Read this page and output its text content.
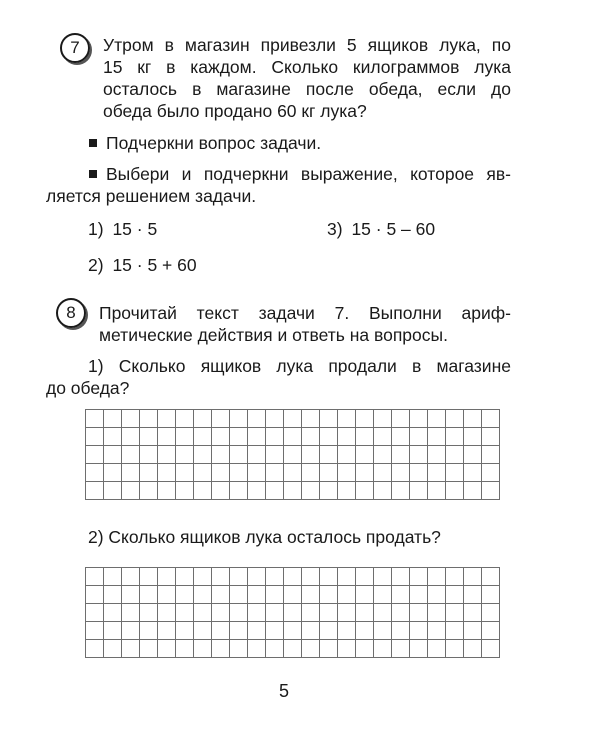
7 Утром в магазин привезли 5 ящиков лука, по
15 кг в каждом. Сколько килограммов лука
осталось в магазине после обеда, если до
обеда было продано 60 кг лука?
Подчеркни вопрос задачи.
Выбери и подчеркни выражение, которое яв-
ляется решением задачи.
1) 15 · 5	3) 15 · 5 – 60
2) 15 · 5 + 60
8 Прочитай текст задачи 7. Выполни ариф-
метические действия и ответь на вопросы.
1) Сколько ящиков лука продали в магазине
до обеда?
2) Сколько ящиков лука осталось продать?
5
